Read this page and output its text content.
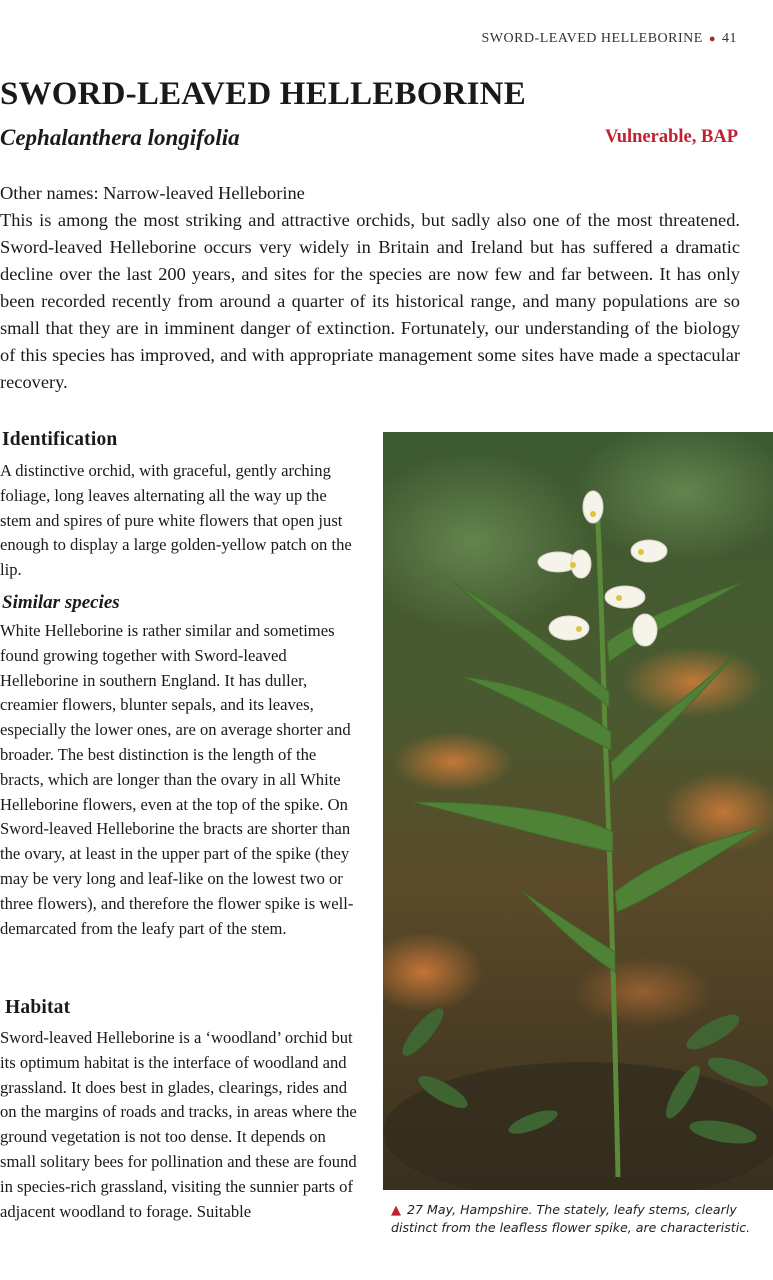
SWORD-LEAVED HELLEBORINE ● 41
SWORD-LEAVED HELLEBORINE
Cephalanthera longifolia	Vulnerable, BAP

Other names: Narrow-leaved Helleborine

This is among the most striking and attractive orchids, but sadly also one of the most threatened. Sword-leaved Helleborine occurs very widely in Britain and Ireland but has suffered a dramatic decline over the last 200 years, and sites for the species are now few and far between. It has only been recorded recently from around a quarter of its historical range, and many populations are so small that they are in imminent danger of extinction. Fortunately, our understanding of the biology of this species has improved, and with appropriate management some sites have made a spectacular recovery.

Identification

A distinctive orchid, with graceful, gently arching foliage, long leaves alternating all the way up the stem and spires of pure white flowers that open just enough to display a large golden-yellow patch on the lip.

Similar species

White Helleborine is rather similar and sometimes found growing together with Sword-leaved Helleborine in southern England. It has duller, creamier flowers, blunter sepals, and its leaves, especially the lower ones, are on average shorter and broader. The best distinction is the length of the bracts, which are longer than the ovary in all White Helleborine flowers, even at the top of the spike. On Sword-leaved Helleborine the bracts are shorter than the ovary, at least in the upper part of the spike (they may be very long and leaf-like on the lowest two or three flowers), and therefore the flower spike is well-demarcated from the leafy part of the stem.

Habitat

Sword-leaved Helleborine is a ‘woodland’ orchid but its optimum habitat is the interface of woodland and grassland. It does best in glades, clearings, rides and on the margins of roads and tracks, in areas where the ground vegetation is not too dense. It depends on small solitary bees for pollination and these are found in species-rich grassland, visiting the sunnier parts of adjacent woodland to forage. Suitable	▲ 27 May, Hampshire. The stately, leafy stems, clearly distinct from the leafless flower spike, are characteristic.
